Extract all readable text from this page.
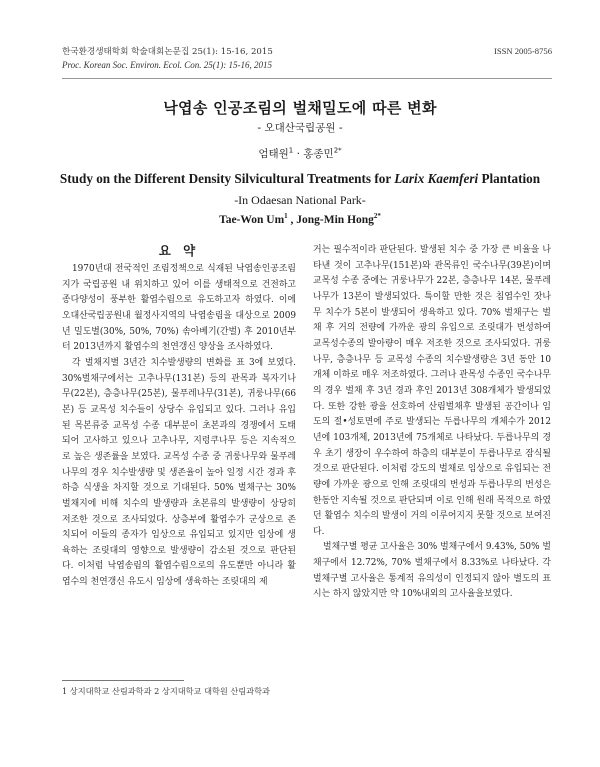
한국환경생태학회 학술대회논문집 25(1): 15-16, 2015
Proc. Korean Soc. Environ. Ecol. Con. 25(1): 15-16, 2015
ISSN 2005-8756
낙엽송 인공조림의 벌채밀도에 따른 변화
- 오대산국립공원 -
엄태원$^1$ · 홍종민$^{2*}$
Study on the Different Density Silvicultural Treatments for Larix Kaemferi Plantation
-In Odaesan National Park-
Tae-Won Um$^1$ , Jong-Min Hong$^{2*}$
요 약

1970년대 전국적인 조림정책으로 식재된 낙엽송인공조림지가 국립공원 내 위치하고 있어 이를 생태적으로 건전하고 종다양성이 풍부한 활엽수림으로 유도하고자 하였다. 이에 오대산국립공원내 월정사지역의 낙엽송림을 대상으로 2009년 밀도별(30%, 50%, 70%) 솎아베기(간벌) 후 2010년부터 2013년까지 활엽수의 천연갱신 양상을 조사하였다.

각 벌채지별 3년간 치수발생량의 변화를 표 3에 보였다. 30%벌채구에서는 고추나무(131본) 등의 관목과 복자기나무(22본), 층층나무(25본), 물푸레나무(31본), 귀룽나무(66본) 등 교목성 치수들이 상당수 유입되고 있다. 그러나 유입된 목본류중 교목성 수종 대부분이 초본과의 경쟁에서 도태되어 고사하고 있으나 고추나무, 지렁쿠나무 등은 지속적으로 높은 생존률을 보였다. 교목성 수종 중 귀룽나무와 물푸레나무의 경우 치수발생량 및 생존율이 높아 일정 시간 경과 후 하층 식생을 차지할 것으로 기대된다. 50% 벌채구는 30% 벌채지에 비해 치수의 발생량과 초본류의 발생량이 상당히 저조한 것으로 조사되었다. 상층부에 활엽수가 군상으로 존치되어 이들의 종자가 임상으로 유입되고 있지만 임상에 생육하는 조릿대의 영향으로 발생량이 감소된 것으로 판단된다. 이처럼 낙엽송림의 활엽수림으로의 유도뿐만 아니라 활엽수의 천연갱신 유도시 임상에 생육하는 조릿대의 제

거는 필수적이라 판단된다. 발생된 치수 중 가장 큰 비율을 나타낸 것이 고추나무(151본)와 관목류인 국수나무(39본)이며 교목성 수종 중에는 귀룽나무가 22본, 층층나무 14본, 물푸레나무가 13본이 발생되었다. 특이할 만한 것은 침엽수인 잣나무 치수가 5본이 발생되어 생육하고 있다. 70% 벌채구는 벌채 후 거의 전량에 가까운 광의 유입으로 조릿대가 번성하여 교목성수종의 발아량이 매우 저조한 것으로 조사되었다. 귀룽나무, 층층나무 등 교목성 수종의 치수발생량은 3년 동안 10개체 이하로 매우 저조하였다. 그러나 관목성 수종인 국수나무의 경우 벌채 후 3년 경과 후인 2013년 308개체가 발생되었다. 또한 강한 광을 선호하여 산림벌채후 발생된 공간이나 임도의 절•성토면에 주로 발생되는 두릅나무의 개체수가 2012년에 103개체, 2013년에 75개체로 나타났다. 두릅나무의 경우 초기 생장이 우수하여 하층의 대부분이 두릅나무로 잠식될 것으로 판단된다. 이처럼 강도의 벌채로 임상으로 유입되는 전량에 가까운 광으로 인해 조릿대의 번성과 두릅나무의 번성은 한동안 지속될 것으로 판단되며 이로 인해 원래 목적으로 하였던 활엽수 치수의 발생이 거의 이루어지지 못할 것으로 보여진다.

벌채구별 평균 고사율은 30% 벌채구에서 9.43%, 50% 벌채구에서 12.72%, 70% 벌채구에서 8.33%로 나타났다. 각 벌채구별 고사율은 통계적 유의성이 인정되지 않아 별도의 표시는 하지 않았지만 약 10%내외의 고사율을보였다.

1 상지대학교 산림과학과 2 상지대학교 대학원 산림과학과
